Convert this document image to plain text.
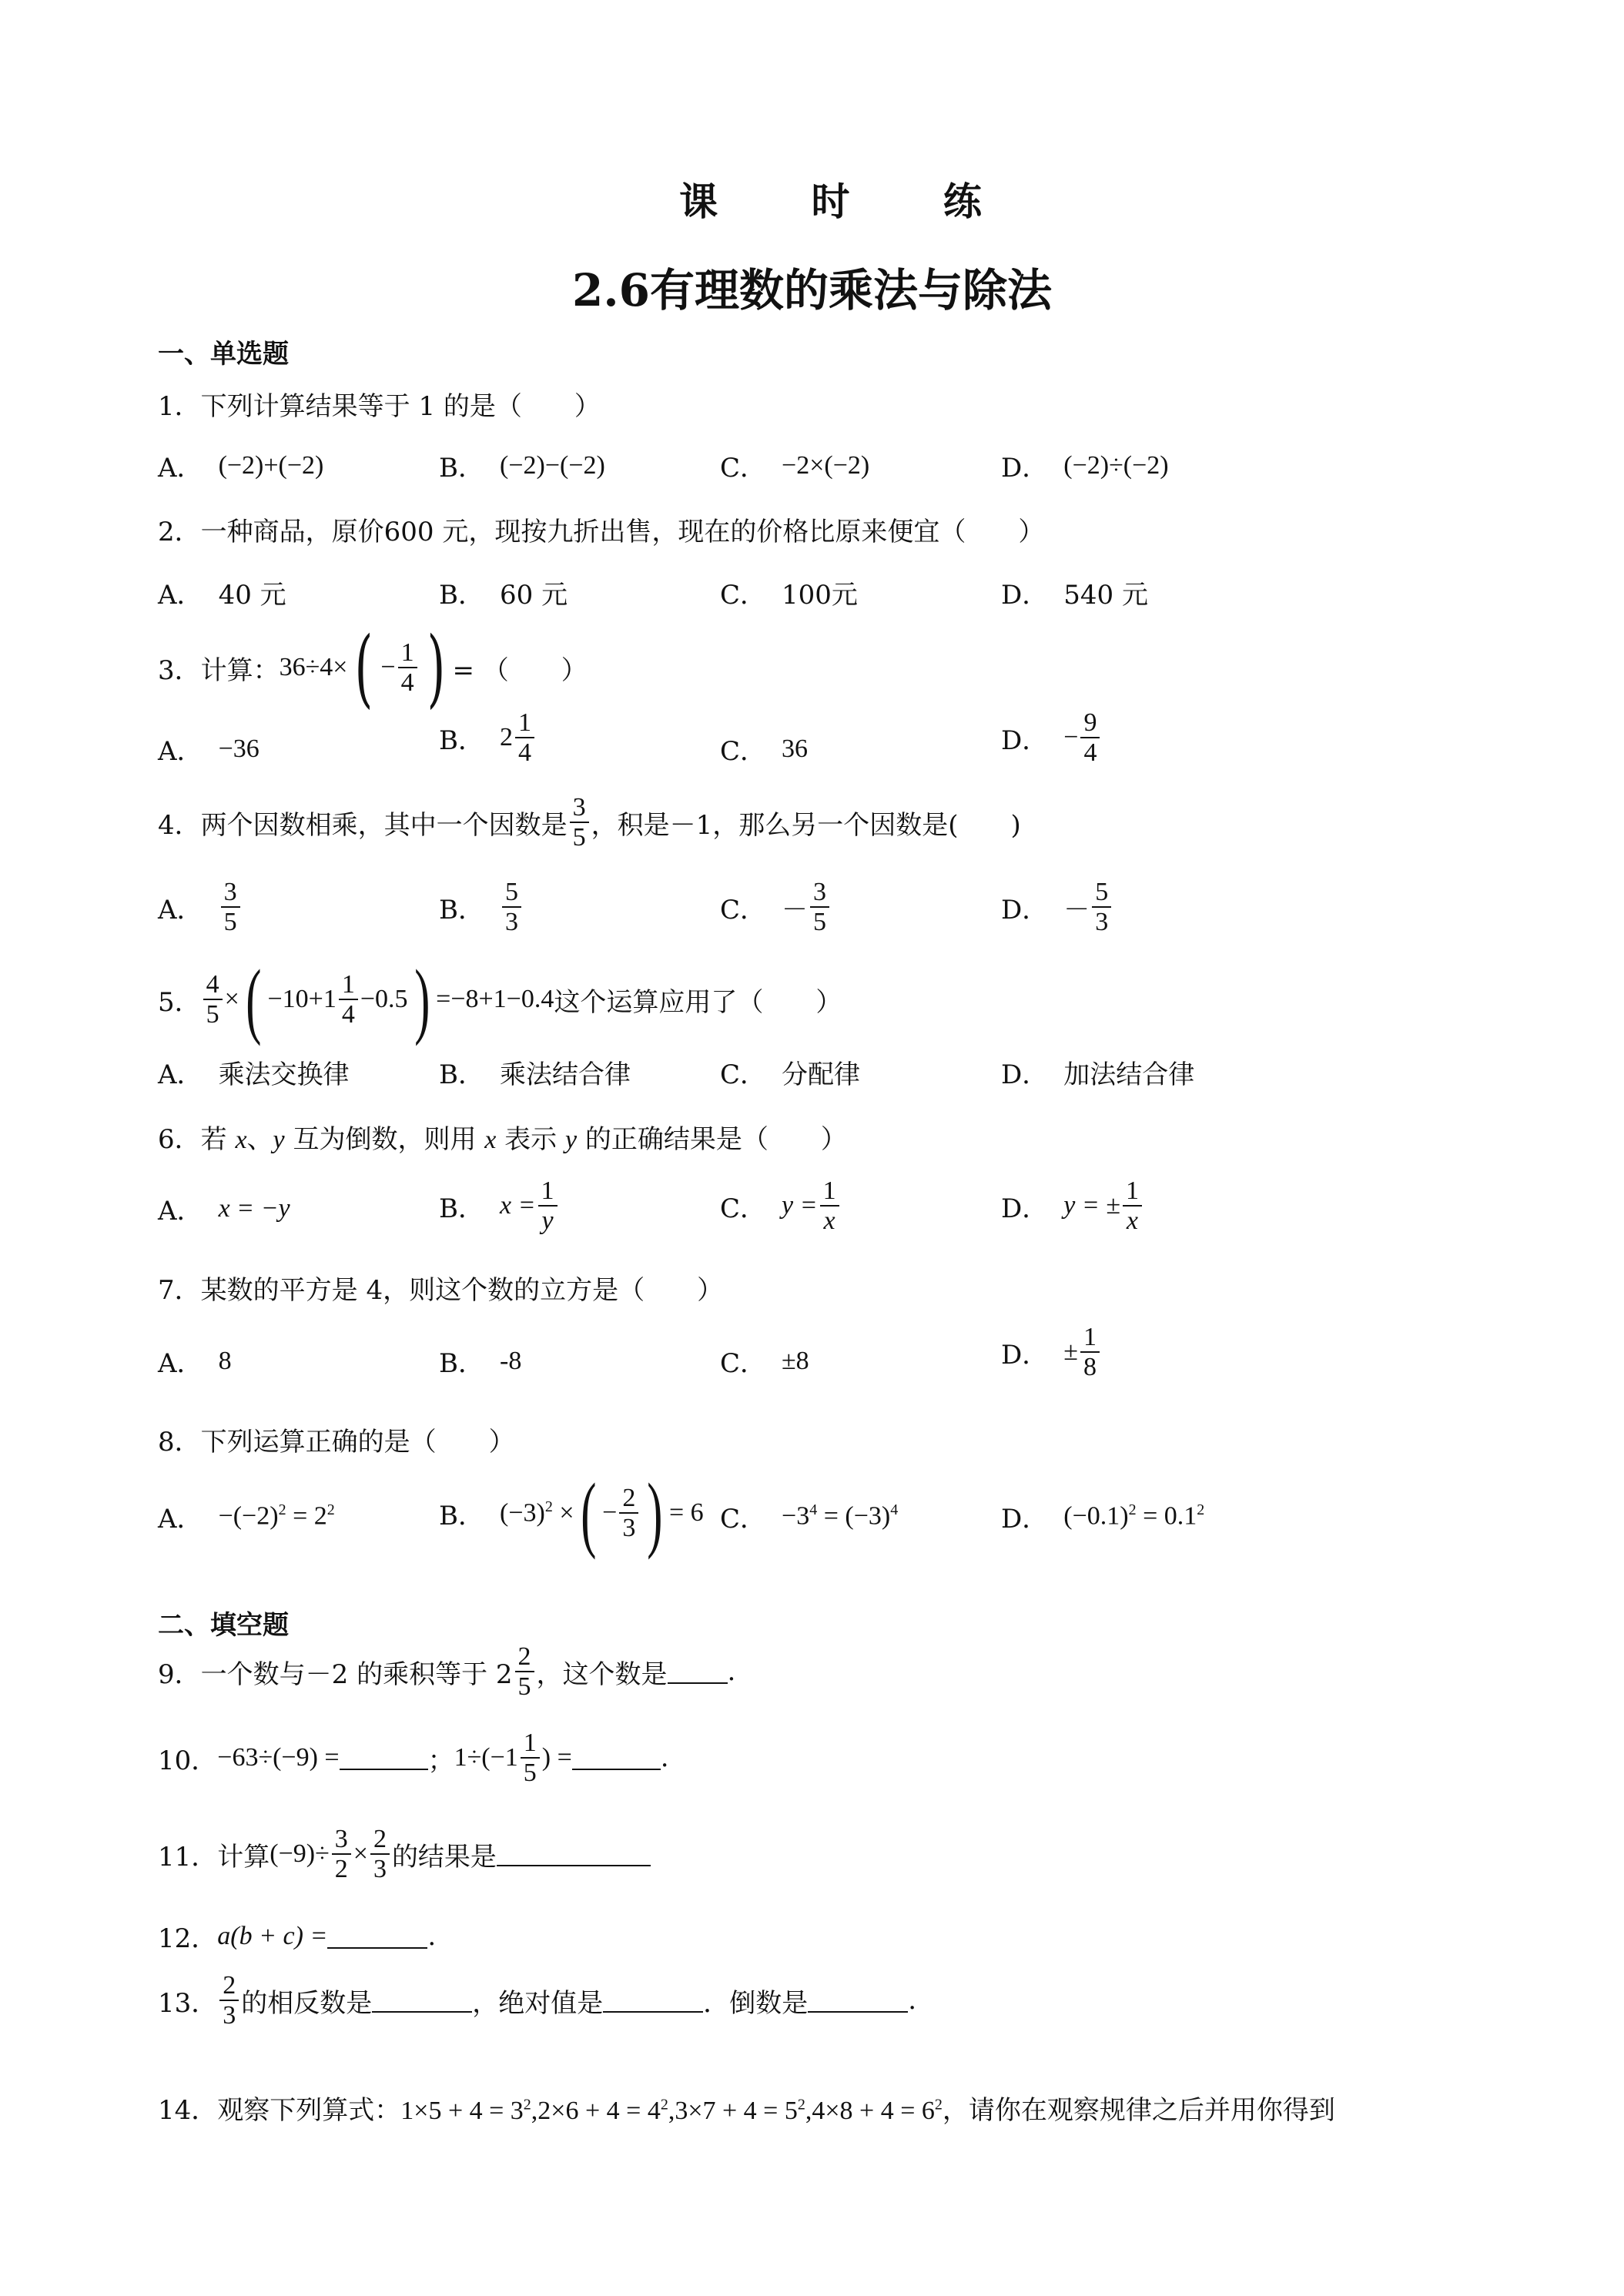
课 时 练
2.6有理数的乘法与除法
一、单选题
1．下列计算结果等于 1 的是（　　）
A． (−2)+(−2)	B． (−2)−(−2)	C． −2×(−2)	D． (−2)÷(−2)
2．一种商品，原价600 元，现按九折出售，现在的价格比原来便宜（　　）
A． 40 元	B． 60 元	C． 100元	D． 540 元
3．计算： 36÷4× ( − $\frac{1}{4}$ ) = （　　）
A． −36	B． $2 \frac{1}{4}$	C． 36	D． − $\frac{9}{4}$
4．两个因数相乘，其中一个因数是 $\frac{3}{5}$ ，积是－1，那么另一个因数是(　　)
A． $\frac{3}{5}$	B． $\frac{5}{3}$	C． － $\frac{3}{5}$	D． － $\frac{5}{3}$
5． $\frac{4}{5}$ × ( $-10+1 \frac{1}{4} -0.5$ ) =−8+1−0.4 这个运算应用了（　　）
A． 乘法交换律	B． 乘法结合律	C． 分配律	D． 加法结合律
6．若 x、y 互为倒数，则用 x 表示 y 的正确结果是（　　）
A． x = −y	B． $x = \frac{1}{y}$	C． $y = \frac{1}{x}$	D． y = ± $\frac{1}{x}$
7．某数的平方是 4，则这个数的立方是（　　）
A． 8	B． -8	C． ±8	D． ± $\frac{1}{8}$
8．下列运算正确的是（　　）
A． $-(-2)^2 = 2^2$	B． $(-3)^2$ × ( − $\frac{2}{3}$ ) = 6 C． $-3^4 = (-3)^4$	D． $(-0.1)^2 = 0.1^2$
二、填空题
9．一个数与－2 的乘积等于 $2 \frac{2}{5}$ ，这个数是 .
10． −63÷(−9) =	； $1\div(-1 \frac{1}{5}$ ) =	.
11．计算 $(-9)\div \frac{3}{2} \times \frac{2}{3}$ 的结果是
12． a(b + c) =	.
13． $\frac{2}{3}$ 的相反数是	，绝对值是	．倒数是	.
14．观察下列算式：$1\times 5 + 4 = 3^2,2\times 6 + 4 = 4^2,3\times 7 + 4 = 5^2,4\times 8 + 4 = 6^2$，请你在观察规律之后并用你得到
